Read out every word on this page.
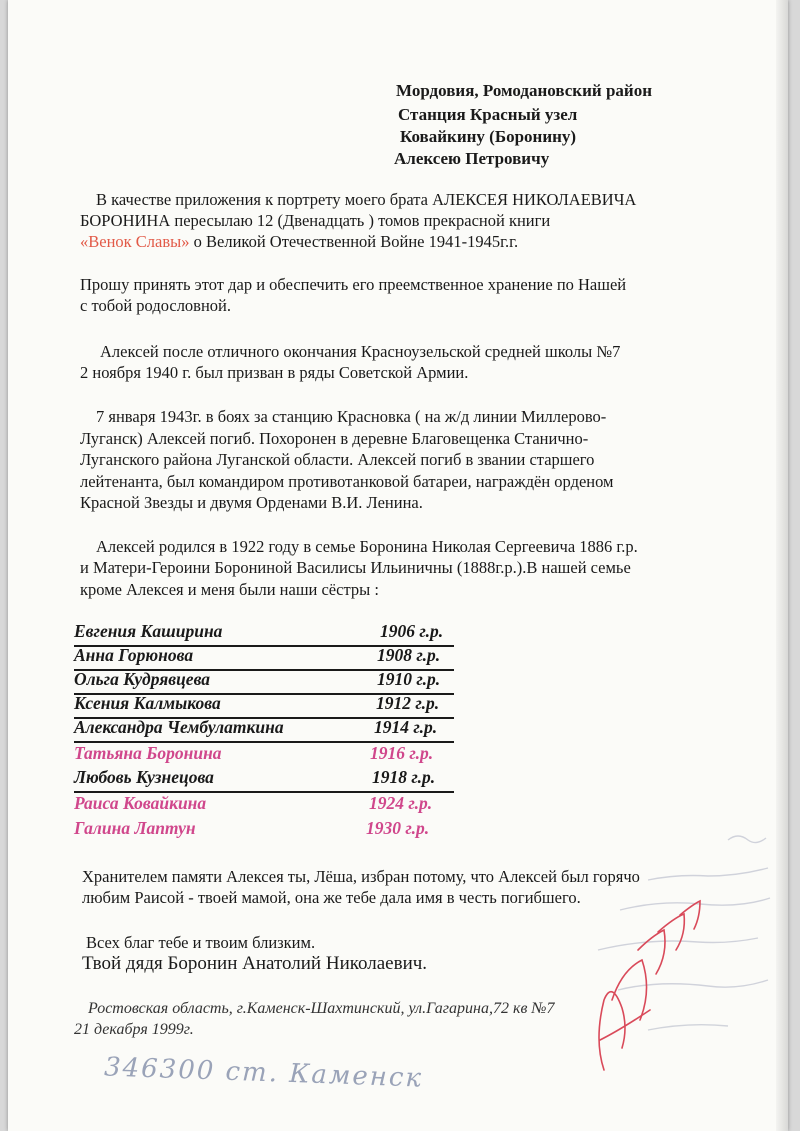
Мордовия, Ромодановский район
Станция Красный узел
Ковайкину (Боронину)
Алексею Петровичу
В качестве приложения к портрету моего брата АЛЕКСЕЯ НИКОЛАЕВИЧА
БОРОНИНА пересылаю 12 (Двенадцать ) томов прекрасной книги
«Венок Славы» о Великой Отечественной Войне 1941-1945г.г.
Прошу принять этот дар и обеспечить его преемственное хранение по Нашей
с тобой родословной.
Алексей после отличного окончания Красноузельской средней школы №7
2 ноября 1940 г. был призван в ряды Советской Армии.
7 января 1943г. в боях за станцию Красновка ( на ж/д линии Миллерово-
Луганск) Алексей погиб. Похоронен в деревне Благовещенка Станично-
Луганского района Луганской области. Алексей погиб в звании старшего
лейтенанта, был командиром противотанковой батареи, награждён орденом
Красной Звезды и двумя Орденами В.И. Ленина.
Алексей родился в 1922 году в семье Боронина Николая Сергеевича 1886 г.р.
и Матери-Героини Борониной Василисы Ильиничны (1888г.р.).В нашей семье
кроме Алексея и меня были наши сёстры :
Евгения Каширина	1906 г.р.
Анна Горюнова	1908 г.р.
Ольга Кудрявцева	1910 г.р.
Ксения Калмыкова	1912 г.р.
Александра Чембулаткина	1914 г.р.
Татьяна Боронина	1916 г.р.
Любовь Кузнецова	1918 г.р.
Раиса Ковайкина	1924 г.р.
Галина Лаптун	1930 г.р.
Хранителем памяти Алексея ты, Лёша, избран потому, что Алексей был горячо
любим Раисой - твоей мамой, она же тебе дала имя в честь погибшего.
Всех благ тебе и твоим близким.
Твой дядя Боронин Анатолий Николаевич.
Ростовская область, г.Каменск-Шахтинский, ул.Гагарина,72 кв №7
21 декабря 1999г.
346300 ст. Каменск
